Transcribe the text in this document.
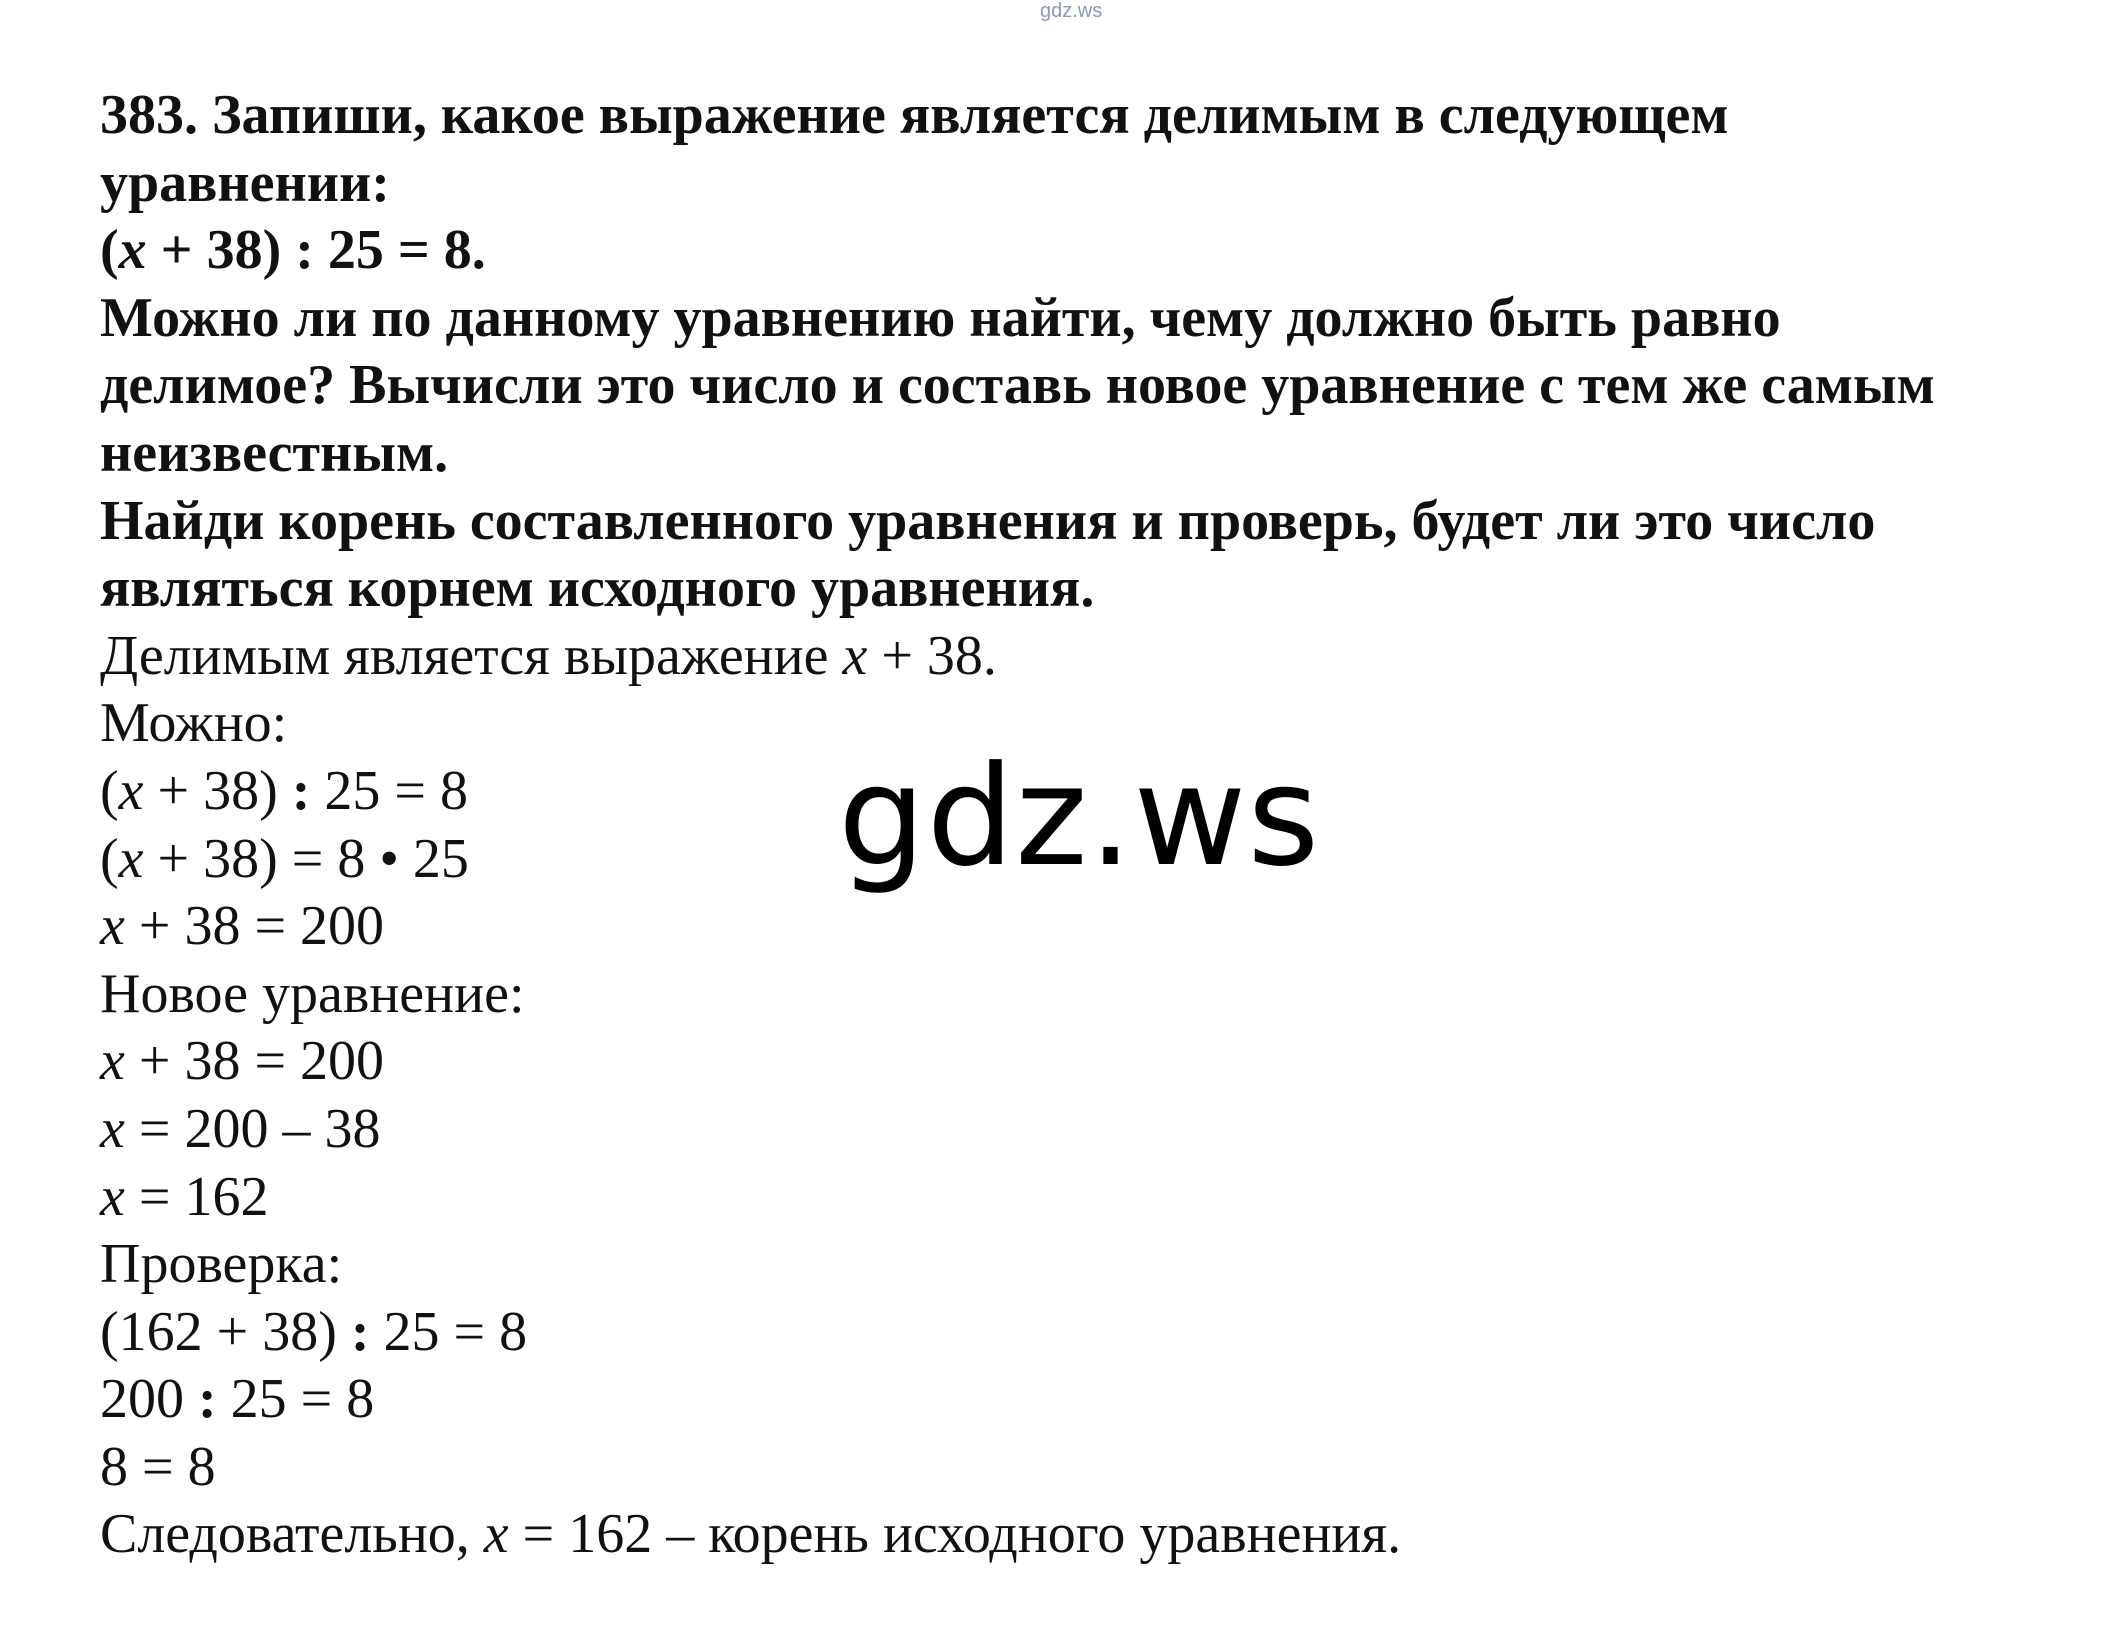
gdz.ws
383. Запиши, какое выражение является делимым в следующем
уравнении:
(x + 38) : 25 = 8.
Можно ли по данному уравнению найти, чему должно быть равно
делимое? Вычисли это число и составь новое уравнение с тем же самым
неизвестным.
Найди корень составленного уравнения и проверь, будет ли это число
являться корнем исходного уравнения.
Делимым является выражение x + 38.
Можно:
(x + 38) : 25 = 8
(x + 38) = 8 • 25
x + 38 = 200
Новое уравнение:
x + 38 = 200
x = 200 – 38
x = 162
Проверка:
(162 + 38) : 25 = 8
200 : 25 = 8
8 = 8
Следовательно, x = 162 – корень исходного уравнения.
gdz.ws
